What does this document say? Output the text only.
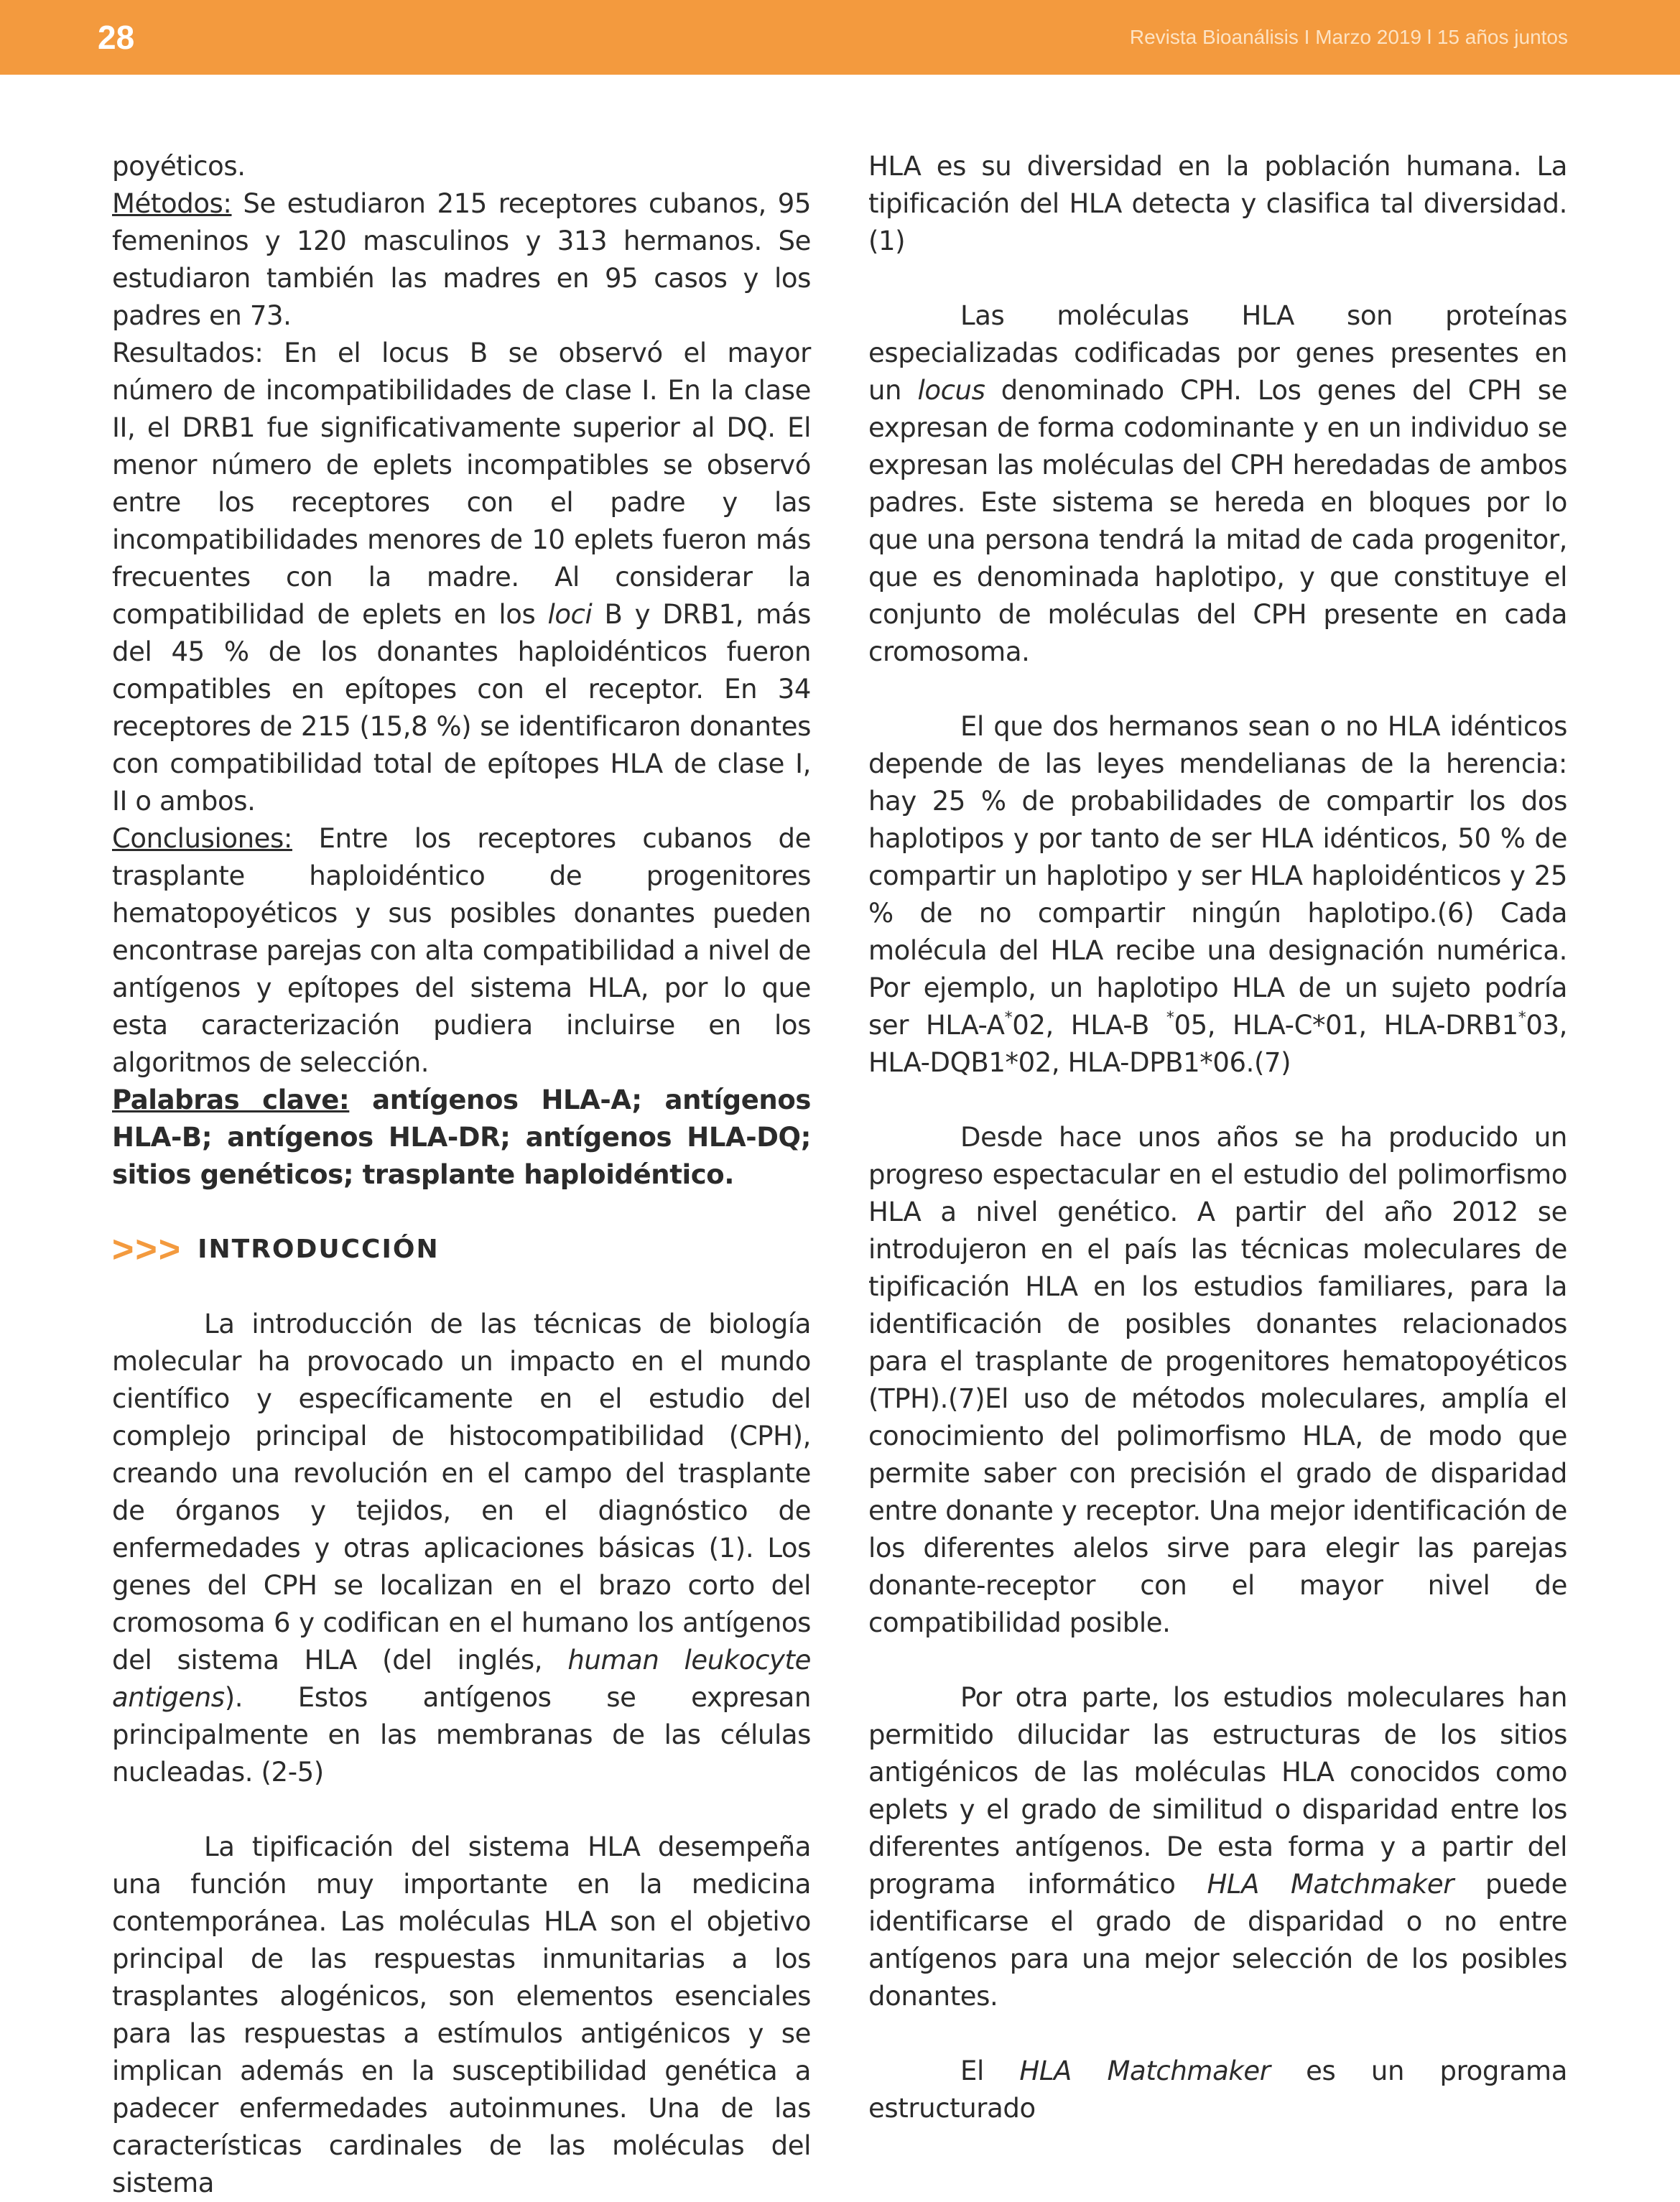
28	Revista Bioanálisis I Marzo 2019 l 15 años juntos

poyéticos.

Métodos: Se estudiaron 215 receptores cubanos, 95 femeninos y 120 masculinos y 313 hermanos. Se estudiaron también las madres en 95 casos y los padres en 73.

Resultados: En el locus B se observó el mayor número de incompatibilidades de clase I. En la clase II, el DRB1 fue significativamente superior al DQ. El menor número de eplets incompatibles se observó entre los receptores con el padre y las incompatibilidades menores de 10 eplets fueron más frecuentes con la madre. Al considerar la compatibilidad de eplets en los loci B y DRB1, más del 45 % de los donantes haploidénticos fueron compatibles en epítopes con el receptor. En 34 receptores de 215 (15,8 %) se identificaron donantes con compatibilidad total de epítopes HLA de clase I, II o ambos.

Conclusiones: Entre los receptores cubanos de trasplante haploidéntico de progenitores hematopoyéticos y sus posibles donantes pueden encontrase parejas con alta compatibilidad a nivel de antígenos y epítopes del sistema HLA, por lo que esta caracterización pudiera incluirse en los algoritmos de selección.

Palabras clave: antígenos HLA-A; antígenos HLA-B; antígenos HLA-DR; antígenos HLA-DQ; sitios genéticos; trasplante haploidéntico.

>>> INTRODUCCIÓN

La introducción de las técnicas de biología molecular ha provocado un impacto en el mundo científico y específicamente en el estudio del complejo principal de histocompatibilidad (CPH), creando una revolución en el campo del trasplante de órganos y tejidos, en el diagnóstico de enfermedades y otras aplicaciones básicas (1). Los genes del CPH se localizan en el brazo corto del cromosoma 6 y codifican en el humano los antígenos del sistema HLA (del inglés, human leukocyte antigens). Estos antígenos se expresan principalmente en las membranas de las células nucleadas. (2-5)

La tipificación del sistema HLA desempeña una función muy importante en la medicina contemporánea. Las moléculas HLA son el objetivo principal de las respuestas inmunitarias a los trasplantes alogénicos, son elementos esenciales para las respuestas a estímulos antigénicos y se implican además en la susceptibilidad genética a padecer enfermedades autoinmunes. Una de las características cardinales de las moléculas del sistema

HLA es su diversidad en la población humana. La tipificación del HLA detecta y clasifica tal diversidad.(1)

Las moléculas HLA son proteínas especializadas codificadas por genes presentes en un locus denominado CPH. Los genes del CPH se expresan de forma codominante y en un individuo se expresan las moléculas del CPH heredadas de ambos padres. Este sistema se hereda en bloques por lo que una persona tendrá la mitad de cada progenitor, que es denominada haplotipo, y que constituye el conjunto de moléculas del CPH presente en cada cromosoma.

El que dos hermanos sean o no HLA idénticos depende de las leyes mendelianas de la herencia: hay 25 % de probabilidades de compartir los dos haplotipos y por tanto de ser HLA idénticos, 50 % de compartir un haplotipo y ser HLA haploidénticos y 25 % de no compartir ningún haplotipo.(6) Cada molécula del HLA recibe una designación numérica. Por ejemplo, un haplotipo HLA de un sujeto podría ser HLA-A*02, HLA-B *05, HLA-C*01, HLA-DRB1*03, HLA-DQB1*02, HLA-DPB1*06.(7)

Desde hace unos años se ha producido un progreso espectacular en el estudio del polimorfismo HLA a nivel genético. A partir del año 2012 se introdujeron en el país las técnicas moleculares de tipificación HLA en los estudios familiares, para la identificación de posibles donantes relacionados para el trasplante de progenitores hematopoyéticos (TPH).(7)El uso de métodos moleculares, amplía el conocimiento del polimorfismo HLA, de modo que permite saber con precisión el grado de disparidad entre donante y receptor. Una mejor identificación de los diferentes alelos sirve para elegir las parejas donante-receptor con el mayor nivel de compatibilidad posible.

Por otra parte, los estudios moleculares han permitido dilucidar las estructuras de los sitios antigénicos de las moléculas HLA conocidos como eplets y el grado de similitud o disparidad entre los diferentes antígenos. De esta forma y a partir del programa informático HLA Matchmaker puede identificarse el grado de disparidad o no entre antígenos para una mejor selección de los posibles donantes.

El HLA Matchmaker es un programa estructurado
